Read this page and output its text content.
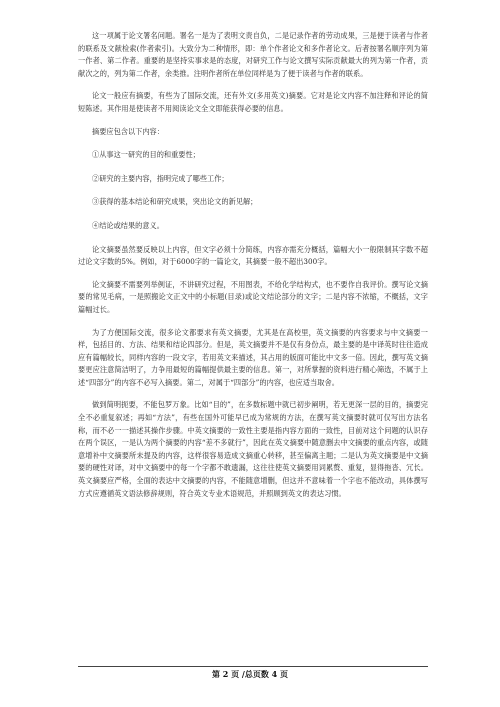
这一项属于论文署名问题。署名一是为了表明文责自负，二是记录作者的劳动成果，三是便于读者与作者的联系及文献检索(作者索引)。大致分为二种情形，即：单个作者论文和多作者论文。后者按署名顺序列为第一作者、第二作者。重要的是坚持实事求是的态度，对研究工作与论文撰写实际贡献最大的列为第一作者，贡献次之的，列为第二作者，余类推。注明作者所在单位同样是为了便于读者与作者的联系。

论文一般应有摘要，有些为了国际交流，还有外文(多用英文)摘要。它对是论文内容不加注释和评论的简短陈述。其作用是使读者不用阅读论文全文即能获得必要的信息。

摘要应包含以下内容：

①从事这一研究的目的和重要性；

②研究的主要内容，指明完成了哪些工作；

③获得的基本结论和研究成果，突出论文的新见解；

④结论或结果的意义。

论文摘要虽然要反映以上内容，但文字必须十分简练，内容亦需充分概括，篇幅大小一般限制其字数不超过论文字数的5%。例如，对于6000字的一篇论文，其摘要一般不超出300字。

论文摘要不需要列举例证，不讲研究过程，不用图表，不给化学结构式，也不要作自我评价。撰写论文摘要的常见毛病，一是照搬论文正文中的小标题(目录)或论文结论部分的文字；二是内容不浓缩，不概括，文字篇幅过长。

为了方便国际交流，很多论文都要求有英文摘要，尤其是在高校里，英文摘要的内容要求与中文摘要一样，包括目的、方法、结果和结论四部分。但是，英文摘要并不是仅有身份点，最主要的是中译英时往往造成应有篇幅较长，同样内容的一段文字，若用英文来描述，其占用的版面可能比中文多一倍。因此，撰写英文摘要更应注意简洁明了，力争用最短的篇幅提供最主要的信息。第一，对所掌握的资料进行精心筛选，不属于上述“四部分”的内容不必写入摘要。第二，对属于“四部分”的内容，也应适当取舍。

做到简明扼要，不能包罗万象。比如“目的”，在多数标题中就已初步阐明，若无更深一层的目的，摘要完全不必重复叙述；再如“方法”，有些在国外可能早已成为常规的方法，在撰写英文摘要时就可仅写出方法名称，而不必一一描述其操作步骤。中英文摘要的一致性主要是指内容方面的一致性，目前对这个问题的认识存在两个误区，一是认为两个摘要的内容“差不多就行”，因此在英文摘要中随意删去中文摘要的重点内容，或随意增补中文摘要所未提及的内容，这样很容易造成文摘重心转移，甚至偏离主题；二是认为英文摘要是中文摘要的硬性对译，对中文摘要中的每一个字都不敢遗漏，这往往使英文摘要用词累赘、重复，显得拖沓、冗长。英文摘要应严格，全面的表达中文摘要的内容，不能随意增删，但这并不意味着一个字也不能改动，具体撰写方式应遵循英文语法修辞规则，符合英文专业术语规范，并照顾到英文的表达习惯。

第 2 页 /总页数 4 页
